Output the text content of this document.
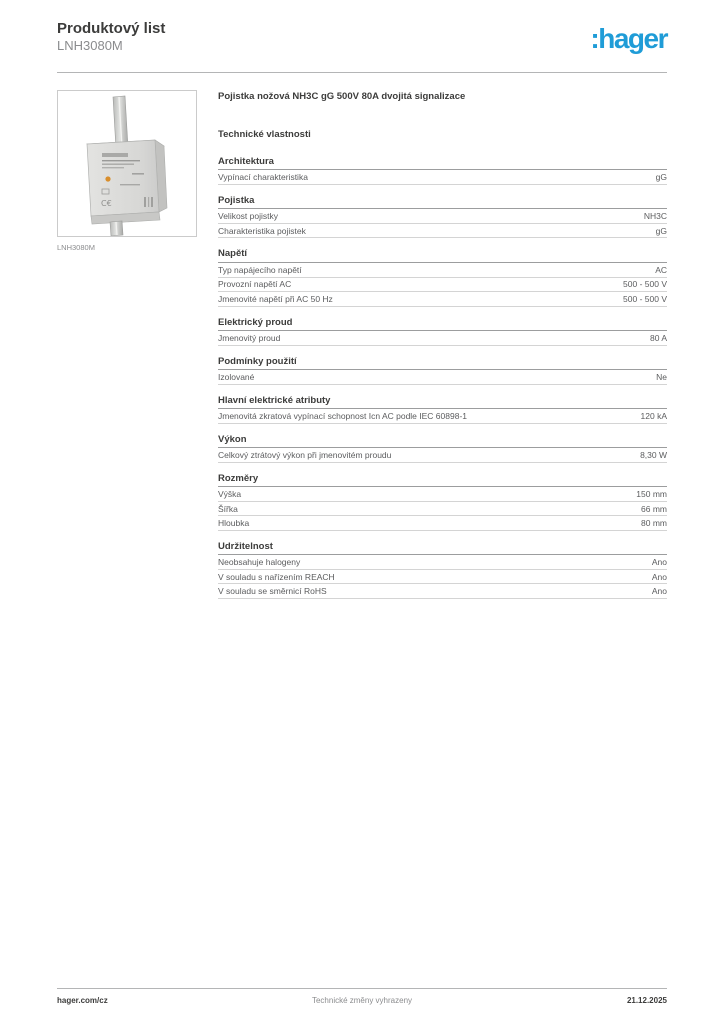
Produktový list
LNH3080M	:hager
C€
LNH3080M
Pojistka nožová NH3C gG 500V 80A dvojitá signalizace
Technické vlastnosti
Architektura
Vypínací charakteristika	gG
Pojistka
Velikost pojistky	NH3C
Charakteristika pojistek	gG
Napětí
Typ napájecího napětí	AC
Provozní napětí AC	500 - 500 V
Jmenovité napětí při AC 50 Hz	500 - 500 V
Elektrický proud
Jmenovitý proud	80 A
Podmínky použití
Izolované	Ne
Hlavní elektrické atributy
Jmenovitá zkratová vypínací schopnost Icn AC podle IEC 60898-1	120 kA
Výkon
Celkový ztrátový výkon při jmenovitém proudu	8,30 W
Rozměry
Výška	150 mm
Šířka	66 mm
Hloubka	80 mm
Udržitelnost
Neobsahuje halogeny	Ano
V souladu s nařízením REACH	Ano
V souladu se směrnicí RoHS	Ano
hager.com/cz	Technické změny vyhrazeny	21.12.2025
